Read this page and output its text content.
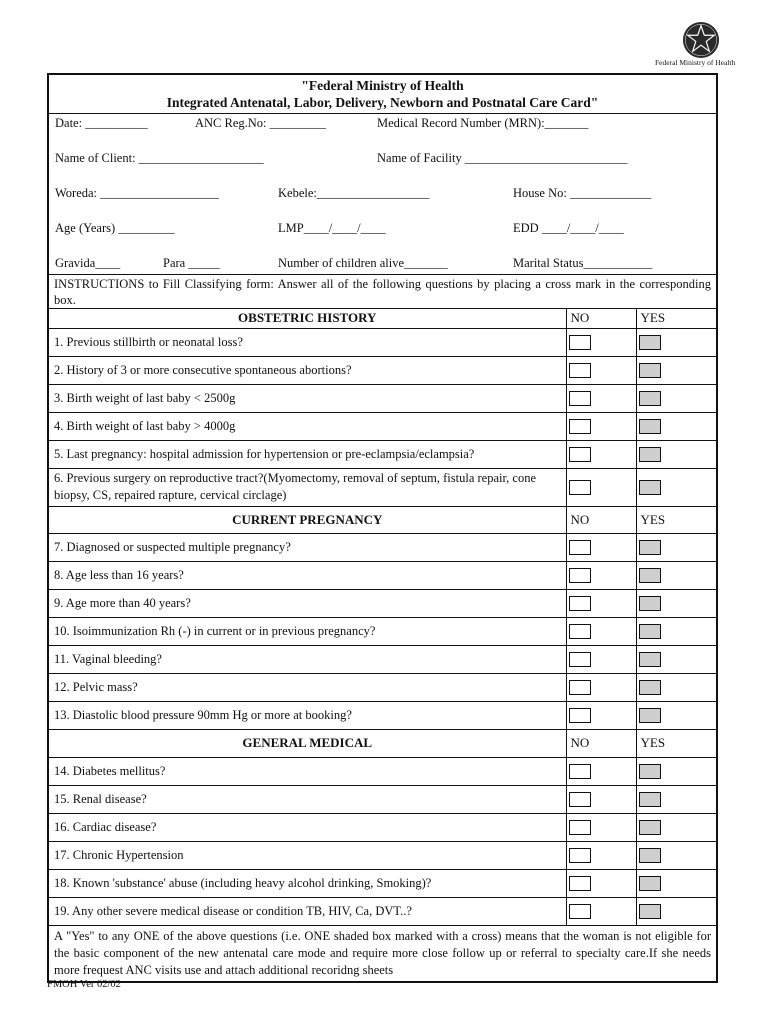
Federal Ministry of Health
"Federal Ministry of Health
Integrated Antenatal, Labor, Delivery, Newborn and Postnatal Care Card"
Date: __________	ANC Reg.No: _________	Medical Record Number (MRN):_______
Name of Client: ____________________	Name of Facility __________________________
Woreda: ___________________	Kebele:__________________	House No: _____________
Age (Years) _________	LMP____/____/____	EDD ____/____/____
Gravida____	Para _____	Number of children alive_______	Marital Status___________
INSTRUCTIONS to Fill Classifying form: Answer all of the following questions by placing a cross mark in the corresponding box.
OBSTETRIC HISTORY	NO	YES
1. Previous stillbirth or neonatal loss?		
2. History of 3 or more consecutive spontaneous abortions?		
3. Birth weight of last baby < 2500g		
4. Birth weight of last baby > 4000g		
5. Last pregnancy: hospital admission for hypertension or pre-eclampsia/eclampsia?		
6. Previous surgery on reproductive tract?(Myomectomy, removal of septum, fistula repair, cone biopsy, CS, repaired rapture, cervical circlage)		
CURRENT PREGNANCY	NO	YES
7. Diagnosed or suspected multiple pregnancy?		
8. Age less than 16 years?		
9. Age more than 40 years?		
10. Isoimmunization Rh (-) in current or in previous pregnancy?		
11. Vaginal bleeding?		
12. Pelvic mass?		
13. Diastolic blood pressure 90mm Hg or more at booking?		
GENERAL MEDICAL	NO	YES
14. Diabetes mellitus?		
15. Renal disease?		
16. Cardiac disease?		
17. Chronic Hypertension		
18. Known 'substance' abuse (including heavy alcohol drinking, Smoking)?		
19. Any other severe medical disease or condition TB, HIV, Ca, DVT..?		
A "Yes" to any ONE of the above questions (i.e. ONE shaded box marked with a cross) means that the woman is not eligible for the basic component of the new antenatal care mode and require more close follow up or referral to specialty care.If she needs more frequest ANC visits use and attach additional recoridng sheets
FMOH Ver 02/02
